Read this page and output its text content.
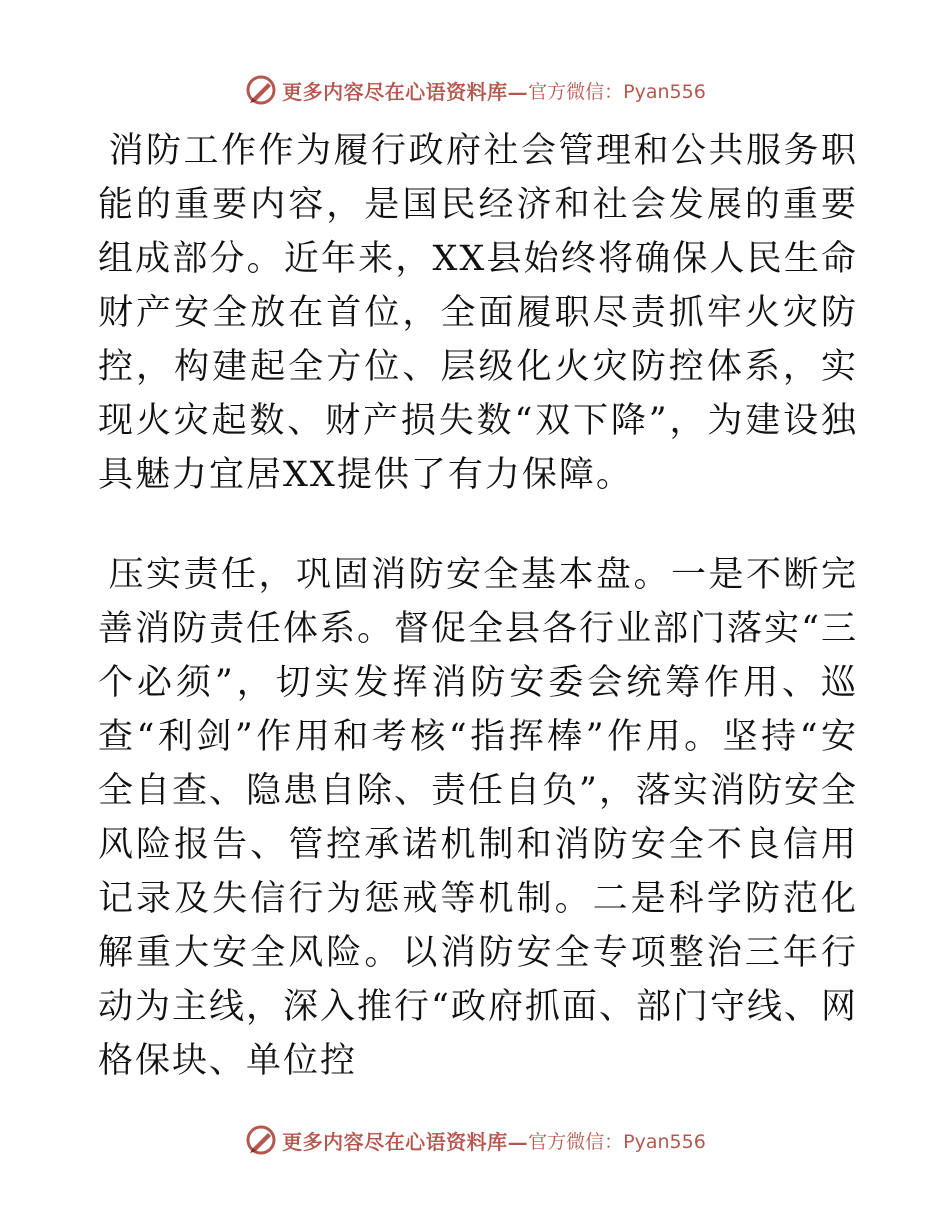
更多内容尽在心语资料库— 官方微信：Pyan556

消防工作作为履行政府社会管理和公共服务职能的重要内容，是国民经济和社会发展的重要组成部分。近年来，XX县始终将确保人民生命财产安全放在首位，全面履职尽责抓牢火灾防控，构建起全方位、层级化火灾防控体系，实现火灾起数、财产损失数“双下降”，为建设独具魅力宜居XX提供了有力保障。

压实责任，巩固消防安全基本盘。一是不断完善消防责任体系。督促全县各行业部门落实“三个必须”，切实发挥消防安委会统筹作用、巡查“利剑”作用和考核“指挥棒”作用。坚持“安全自查、隐患自除、责任自负”，落实消防安全风险报告、管控承诺机制和消防安全不良信用记录及失信行为惩戒等机制。二是科学防范化解重大安全风险。以消防安全专项整治三年行动为主线，深入推行“政府抓面、部门守线、网格保块、单位控

更多内容尽在心语资料库— 官方微信：Pyan556
